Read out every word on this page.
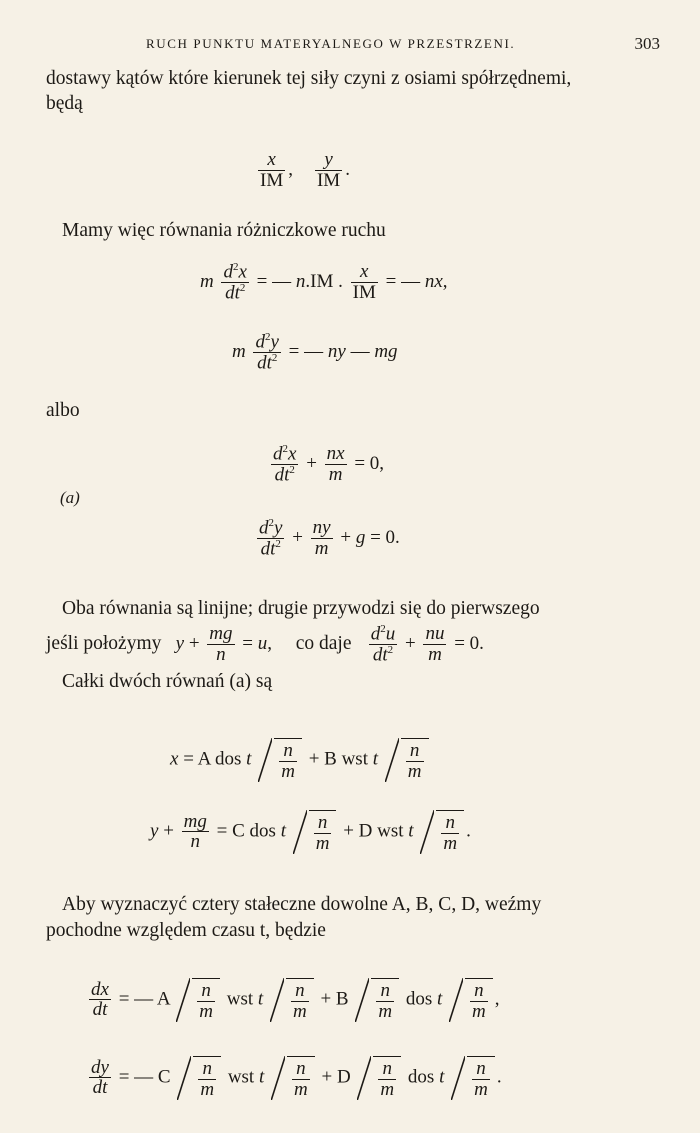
RUCH PUNKTU MATERYALNEGO W PRZESTRZENI.	303
dostawy kątów które kierunek tej siły czyni z osiami spółrzędnemi,
będą
$\frac{x}{IM}$ , $\frac{y}{IM}$ .
Mamy więc równania różniczkowe ruchu
m $\frac{d^2x}{dt^2}$ = — n.IM . $\frac{x}{IM}$ = — nx,
m $\frac{d^2y}{dt^2}$ = — ny — mg
albo
$\frac{d^2x}{dt^2} + \frac{nx}{m} = 0$,
(a)
$\frac{d^2y}{dt^2} + \frac{ny}{m} + g = 0$.
Oba równania są linijne; drugie przywodzi się do pierwszego
jeśli położymy $y + \frac{mg}{n} = u$,     co daje $\frac{d^2u}{dt^2} + \frac{nu}{m} = 0$.
Całki dwóch równań (a) są
x = A dos t $\frac{n}{m} + B$ wst t $\frac{n}{m}$
$y + \frac{mg}{n} = C$ dos t $\frac{n}{m} + D$ wst t $\frac{n}{m}$ .
Aby wyznaczyć cztery stałeczne dowolne A, B, C, D, weźmy
pochodne względem czasu t, będzie
$\frac{dx}{dt}$ = — A $\frac{n}{m}$ wst t $\frac{n}{m} + B \frac{n}{m}$ dos t $\frac{n}{m}$ ,
$\frac{dy}{dt}$ = — C $\frac{n}{m}$ wst t $\frac{n}{m} + D \frac{n}{m}$ dos t $\frac{n}{m}$ .
